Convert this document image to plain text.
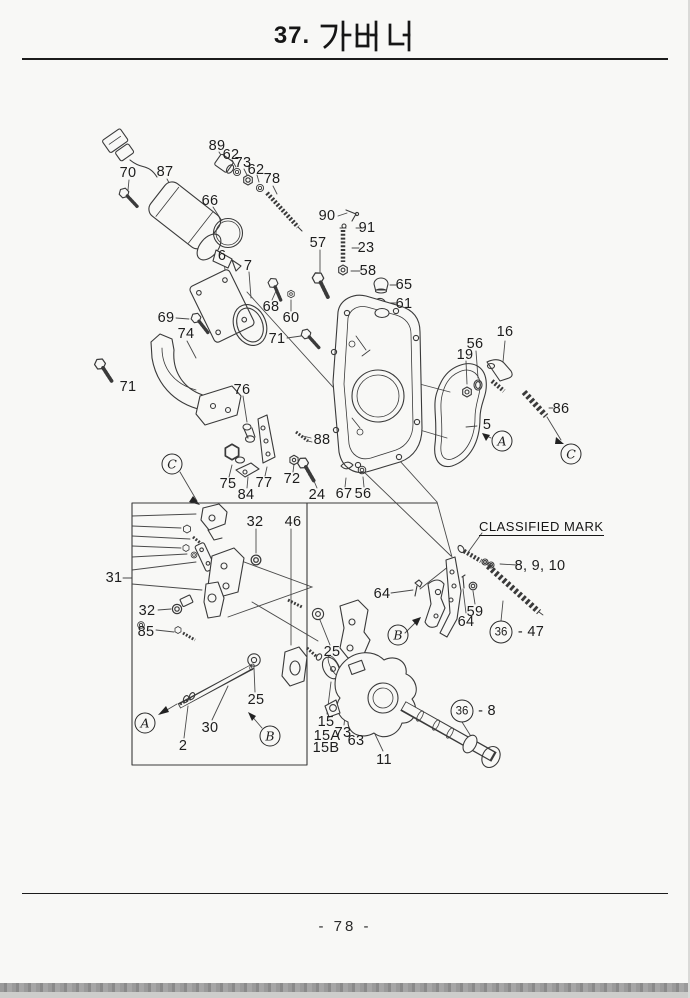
37.
CLASSIFIED MARK
70 87
89
62
73
62
78
66
90
91
23
57
58
65
61
6
7
68
60
69
74
71
71
76
88
75
84
77 72
24 67 56
16
19
56
5
86
31
32 46
32
85
25
25
30
2
15
15A
73
15B 63
11
64
64
59
8, 9, 10
- 47
- 8
A
C
C
A
B
B	36
36
- 78 -
